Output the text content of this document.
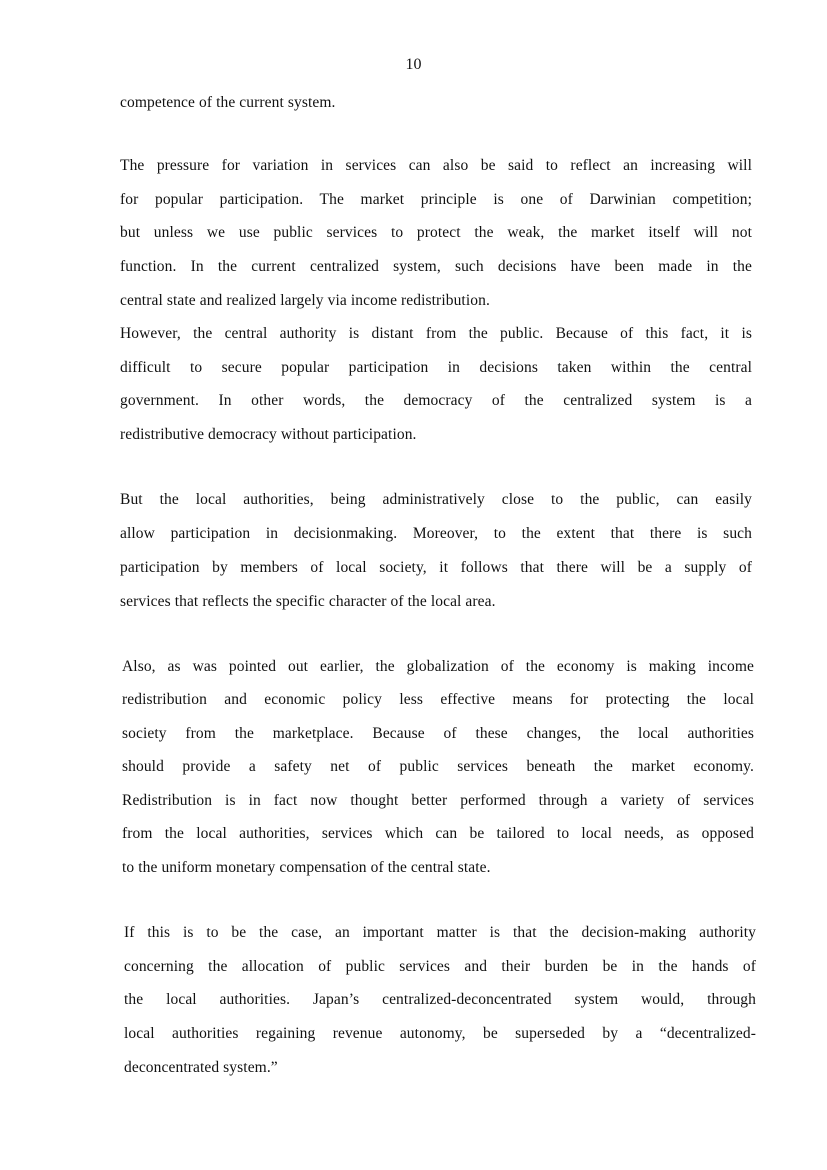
10
competence of the current system.
The pressure for variation in services can also be said to reflect an increasing will
for popular participation. The market principle is one of Darwinian competition;
but unless we use public services to protect the weak, the market itself will not
function. In the current centralized system, such decisions have been made in the
central state and realized largely via income redistribution.
However, the central authority is distant from the public. Because of this fact, it is
difficult to secure popular participation in decisions taken within the central
government. In other words, the democracy of the centralized system is a
redistributive democracy without participation.
But the local authorities, being administratively close to the public, can easily
allow participation in decisionmaking. Moreover, to the extent that there is such
participation by members of local society, it follows that there will be a supply of
services that reflects the specific character of the local area.
Also, as was pointed out earlier, the globalization of the economy is making income
redistribution and economic policy less effective means for protecting the local
society from the marketplace. Because of these changes, the local authorities
should provide a safety net of public services beneath the market economy.
Redistribution is in fact now thought better performed through a variety of services
from the local authorities, services which can be tailored to local needs, as opposed
to the uniform monetary compensation of the central state.
If this is to be the case, an important matter is that the decision-making authority
concerning the allocation of public services and their burden be in the hands of
the local authorities. Japan’s centralized-deconcentrated system would, through
local authorities regaining revenue autonomy, be superseded by a “decentralized-
deconcentrated system.”
